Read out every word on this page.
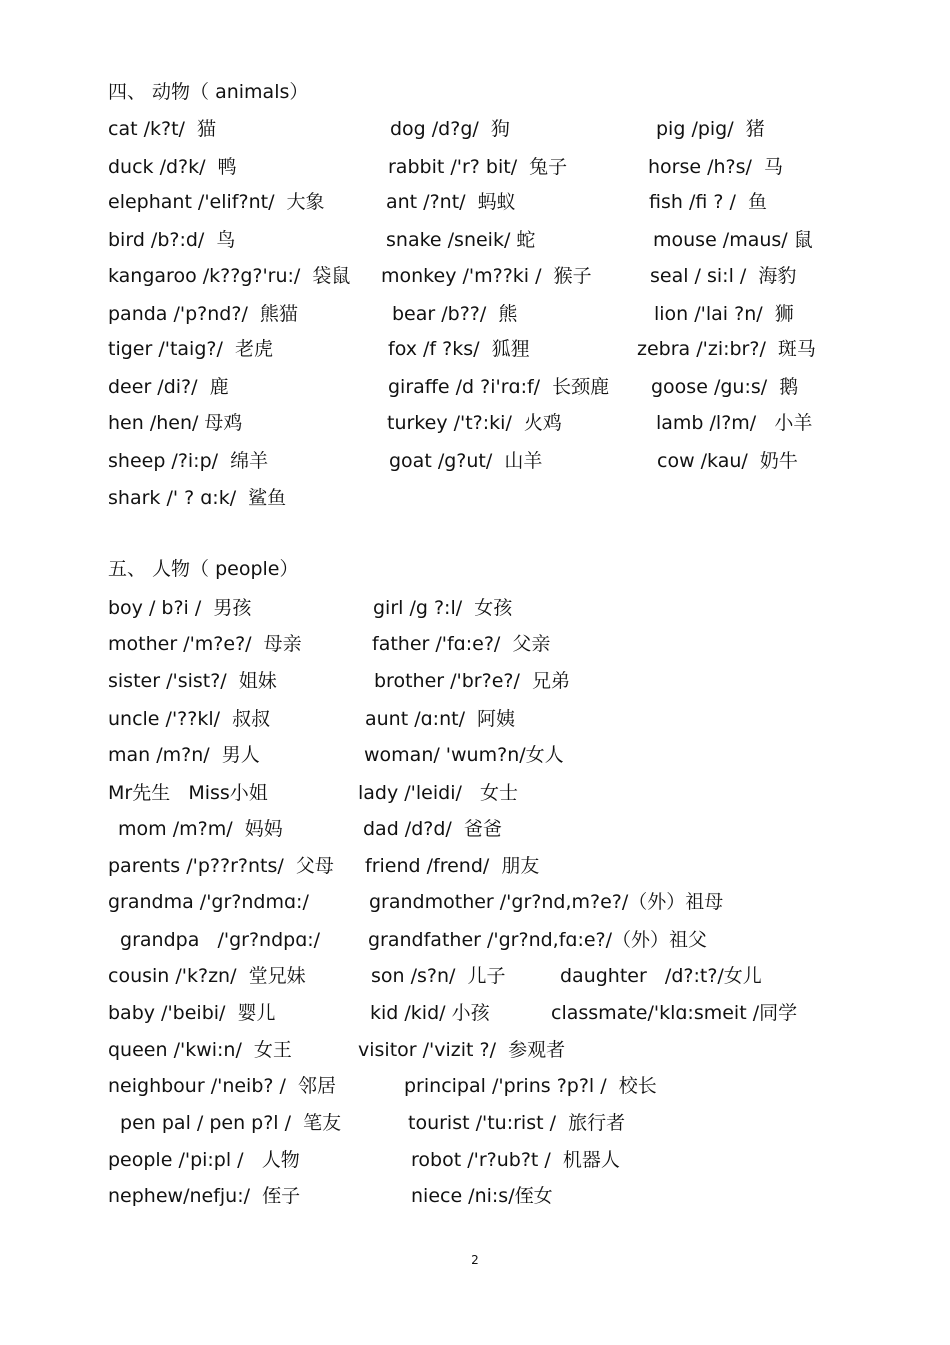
四、 动物（ animals）
五、 人物（ people）
cat /k?t/  猫	dog /d?g/  狗	pig /pig/  猪
duck /d?k/  鸭	rabbit /'r? bit/  兔子	horse /h?s/  马
elephant /'elif?nt/  大象	ant /?nt/  蚂蚁	fish /fi ? /  鱼
bird /b?:d/  鸟	snake /sneik/ 蛇	mouse /maus/ 鼠
kangaroo /k??g?'ru:/  袋鼠 monkey /'m??ki /  猴子	seal / si:l /  海豹
panda /'p?nd?/  熊猫	bear /b??/  熊	lion /'lai ?n/  狮
tiger /'taig?/  老虎	fox /f ?ks/  狐狸	zebra /'zi:br?/  斑马
deer /di?/  鹿	giraffe /d ?i'rɑ:f/  长颈鹿 goose /gu:s/  鹅
hen /hen/ 母鸡	turkey /'t?:ki/  火鸡	lamb /l?m/   小羊
sheep /?i:p/  绵羊	goat /g?ut/  山羊	cow /kau/  奶牛
shark /' ? ɑ:k/  鲨鱼
boy / b?i /  男孩	girl /g ?:l/  女孩
mother /'m?e?/  母亲	father /'fɑ:e?/  父亲
sister /'sist?/  姐妹	brother /'br?e?/  兄弟
uncle /'??kl/  叔叔	aunt /ɑ:nt/  阿姨
man /m?n/  男人	woman/ 'wum?n/女人
Mr先生   Miss小姐	lady /'leidi/   女士
mom /m?m/  妈妈	dad /d?d/  爸爸
parents /'p??r?nts/  父母 friend /frend/  朋友
grandma /'gr?ndmɑ:/	grandmother /'gr?nd,m?e?/（外）祖母
grandpa   /'gr?ndpɑ:/	grandfather /'gr?nd,fɑ:e?/（外）祖父
cousin /'k?zn/  堂兄妹	son /s?n/  儿子	daughter   /d?:t?/女儿
baby /'beibi/  婴儿	kid /kid/ 小孩	classmate/'klɑ:smeit /同学
queen /'kwi:n/  女王	visitor /'vizit ?/  参观者
neighbour /'neib? /  邻居	principal /'prins ?p?l /  校长
pen pal / pen p?l /  笔友	tourist /'tu:rist /  旅行者
people /'pi:pl /   人物	robot /'r?ub?t /  机器人
nephew/nefju:/  侄子	niece /ni:s/侄女
2
